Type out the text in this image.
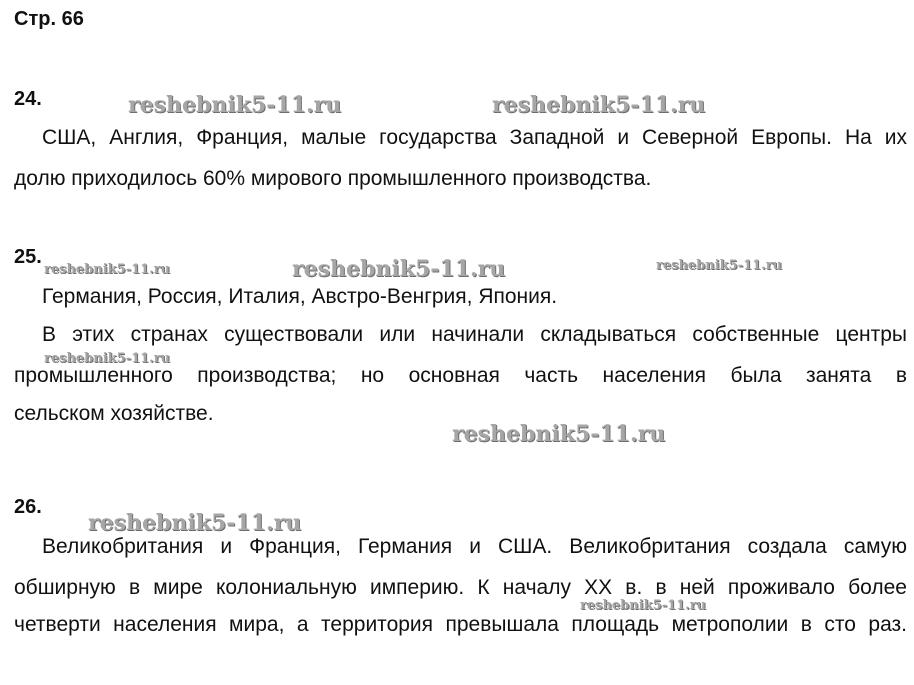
Стр. 66
24.
США, Англия, Франция, малые государства Западной и Северной Европы. На их
долю приходилось 60% мирового промышленного производства.
25.
Германия, Россия, Италия, Австро-Венгрия, Япония.
В этих странах существовали или начинали складываться собственные центры
промышленного производства; но основная часть населения была занята в
сельском хозяйстве.
26.
Великобритания и Франция, Германия и США. Великобритания создала самую
обширную в мире колониальную империю. К началу XX в. в ней проживало более
четверти населения мира, а территория превышала площадь метрополии в сто раз.
reshebnik5-11.ru	reshebnik5-11.ru
reshebnik5-11.ru	reshebnik5-11.ru	reshebnik5-11.ru
reshebnik5-11.ru
reshebnik5-11.ru
reshebnik5-11.ru
reshebnik5-11.ru
